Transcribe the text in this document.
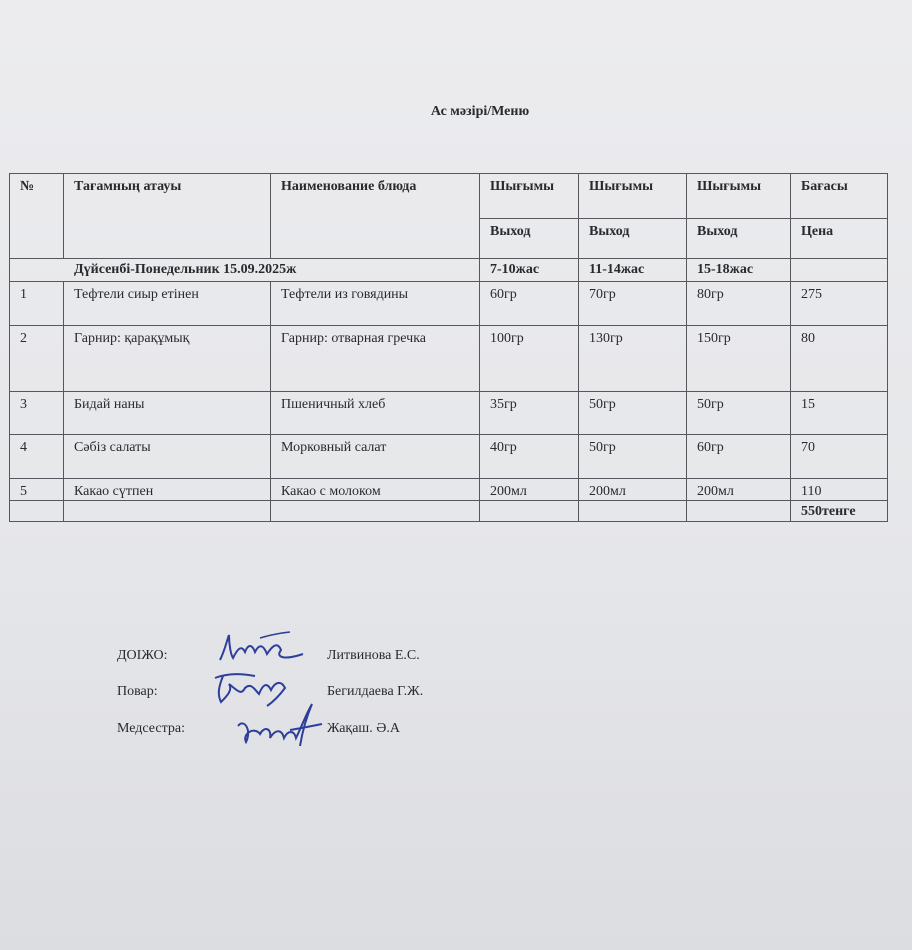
Ас мәзірі/Меню
№	Тағамның атауы	Наименование блюда	Шығымы	Шығымы	Шығымы	Бағасы
			Выход	Выход	Выход	Цена
Дүйсенбі-Понедельник 15.09.2025ж			7-10жас	11-14жас	15-18жас	
1	Тефтели сиыр етінен	Тефтели из говядины	60гр	70гр	80гр	275
2	Гарнир: қарақұмық	Гарнир: отварная гречка	100гр	130гр	150гр	80
3	Бидай наны	Пшеничный хлеб	35гр	50гр	50гр	15
4	Сәбіз салаты	Морковный салат	40гр	50гр	60гр	70
5	Какао сүтпен	Какао с молоком	200мл	200мл	200мл	110
						550тенге
ДОІЖО:	Литвинова Е.С.
Повар:	Бегилдаева Г.Ж.
Медсестра:	Жақаш. Ә.А
